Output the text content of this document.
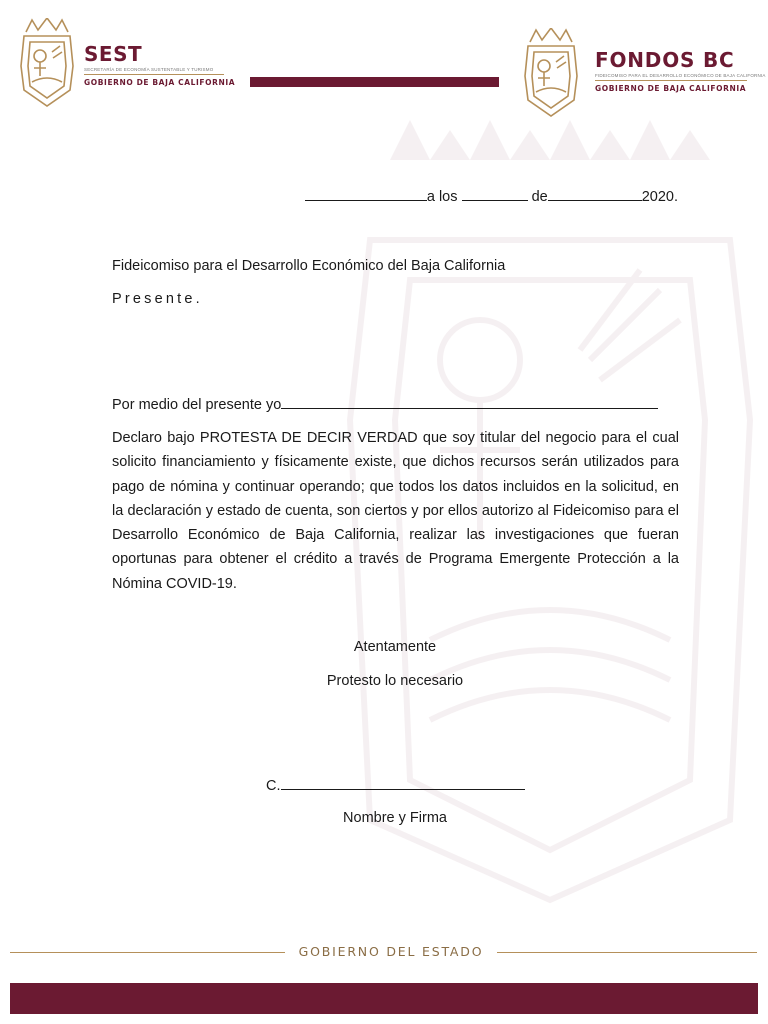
SEST
SECRETARÍA DE ECONOMÍA SUSTENTABLE Y TURISMO
GOBIERNO DE BAJA CALIFORNIA
FONDOS BC
FIDEICOMISO PARA EL DESARROLLO ECONÓMICO DE BAJA CALIFORNIA
GOBIERNO DE BAJA CALIFORNIA
a los	de	2020.
Fideicomiso para el Desarrollo Económico del Baja California
Presente.
Por medio del presente yo
Declaro bajo PROTESTA DE DECIR VERDAD que soy titular del negocio para el cual solicito financiamiento y físicamente existe, que dichos recursos serán utilizados para pago de nómina y continuar operando; que todos los datos incluidos en la solicitud, en la declaración y estado de cuenta, son ciertos y por ellos autorizo al Fideicomiso para el Desarrollo Económico de Baja California, realizar las investigaciones que fueran oportunas para obtener el crédito a través de Programa Emergente Protección a la Nómina COVID-19.
Atentamente
Protesto lo necesario
C.
Nombre y Firma
GOBIERNO DEL ESTADO
